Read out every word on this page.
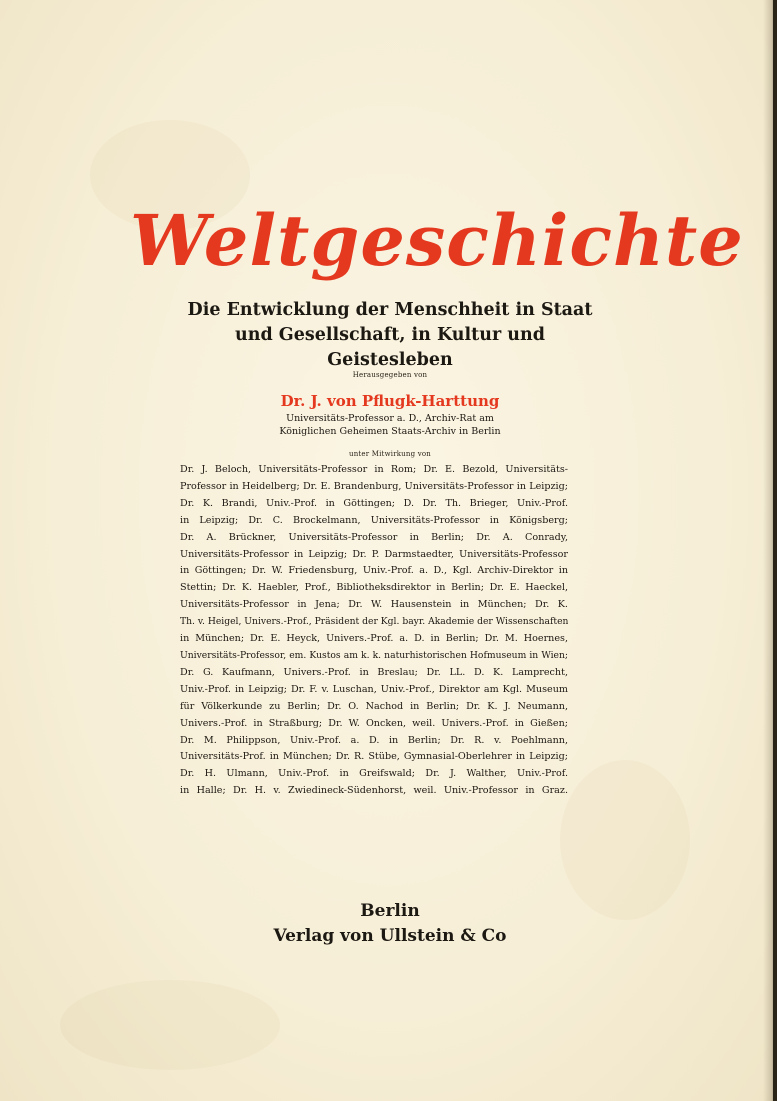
Weltgeschichte
Die Entwicklung der Menschheit in Staat
und Gesellschaft, in Kultur und Geistesleben
Herausgegeben von
Dr. J. von Pflugk-Harttung
Universitäts-Professor a. D., Archiv-Rat am
Königlichen Geheimen Staats-Archiv in Berlin
unter Mitwirkung von
Dr. J. Beloch, Universitäts-Professor in Rom; Dr. E. Bezold, Universitäts-
Professor in Heidelberg; Dr. E. Brandenburg, Universitäts-Professor in Leipzig;
Dr. K. Brandi, Univ.-Prof. in Göttingen; D. Dr. Th. Brieger, Univ.-Prof.
in Leipzig; Dr. C. Brockelmann, Universitäts-Professor in Königsberg;
Dr. A. Brückner, Universitäts-Professor in Berlin; Dr. A. Conrady,
Universitäts-Professor in Leipzig; Dr. P. Darmstaedter, Universitäts-Professor
in Göttingen; Dr. W. Friedensburg, Univ.-Prof. a. D., Kgl. Archiv-Direktor in
Stettin; Dr. K. Haebler, Prof., Bibliotheksdirektor in Berlin; Dr. E. Haeckel,
Universitäts-Professor in Jena; Dr. W. Hausenstein in München; Dr. K.
Th. v. Heigel, Univers.-Prof., Präsident der Kgl. bayr. Akademie der Wissenschaften
in München; Dr. E. Heyck, Univers.-Prof. a. D. in Berlin; Dr. M. Hoernes,
Universitäts-Professor, em. Kustos am k. k. naturhistorischen Hofmuseum in Wien;
Dr. G. Kaufmann, Univers.-Prof. in Breslau; Dr. LL. D. K. Lamprecht,
Univ.-Prof. in Leipzig; Dr. F. v. Luschan, Univ.-Prof., Direktor am Kgl. Museum
für Völkerkunde zu Berlin; Dr. O. Nachod in Berlin; Dr. K. J. Neumann,
Univers.-Prof. in Straßburg; Dr. W. Oncken, weil. Univers.-Prof. in Gießen;
Dr. M. Philippson, Univ.-Prof. a. D. in Berlin; Dr. R. v. Poehlmann,
Universitäts-Prof. in München; Dr. R. Stübe, Gymnasial-Oberlehrer in Leipzig;
Dr. H. Ulmann, Univ.-Prof. in Greifswald; Dr. J. Walther, Univ.-Prof.
in Halle; Dr. H. v. Zwiedineck-Südenhorst, weil. Univ.-Professor in Graz.
Berlin
Verlag von Ullstein & Co
